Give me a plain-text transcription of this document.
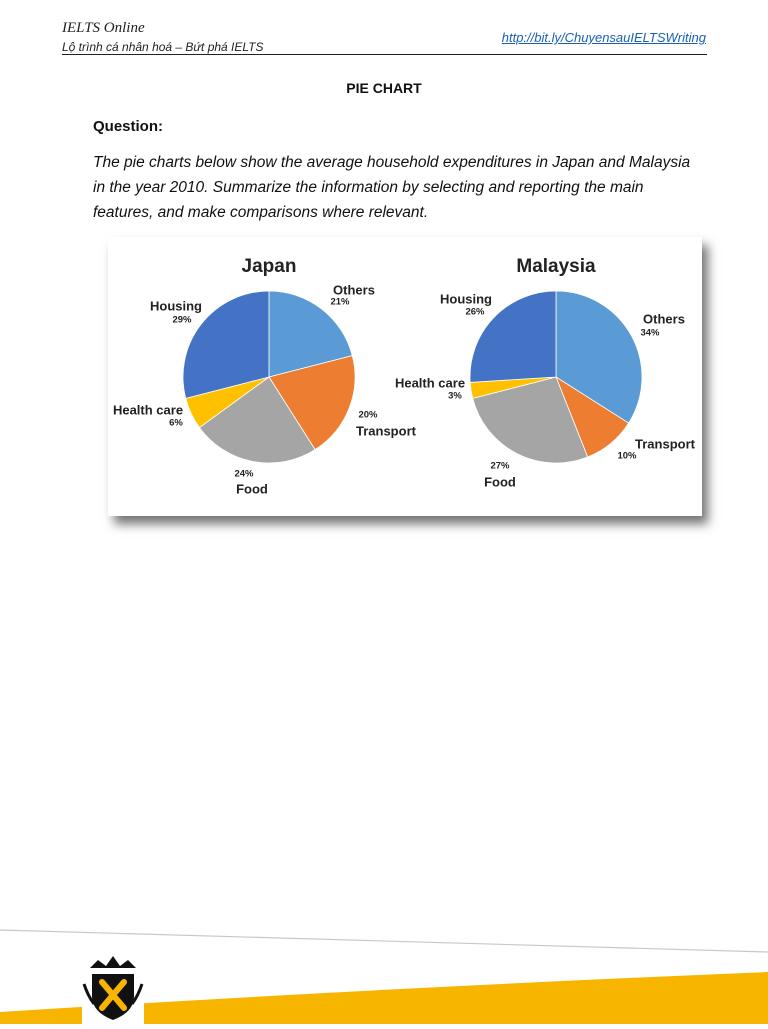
IELTS Online
Lộ trình cá nhân hoá – Bứt phá IELTS
http://bit.ly/ChuyensauIELTSWriting
PIE CHART
Question:
The pie charts below show the average household expenditures in Japan and Malaysia in the year 2010. Summarize the information by selecting and reporting the main features, and make comparisons where relevant.
Japan
Others
21%
Transport
20%
Food
24%
Health care
6%
Housing
29%
Malaysia
Others
34%
Transport
10%
Food
27%
Health care
3%
Housing
26%
